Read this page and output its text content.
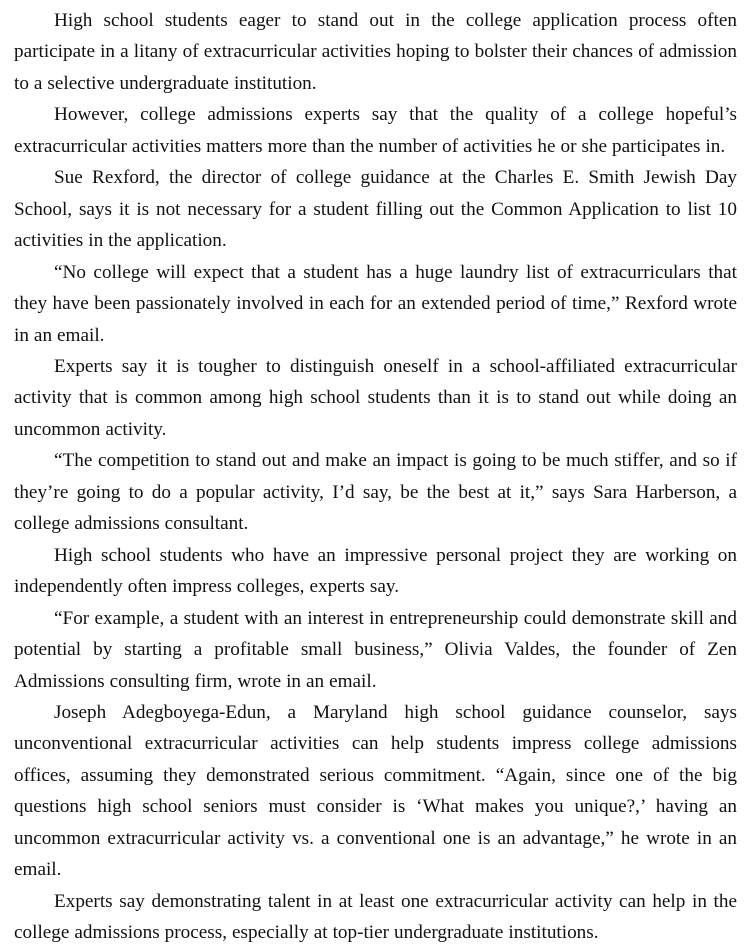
High school students eager to stand out in the college application process often participate in a litany of extracurricular activities hoping to bolster their chances of admission to a selective undergraduate institution.

However, college admissions experts say that the quality of a college hopeful’s extracurricular activities matters more than the number of activities he or she participates in.

Sue Rexford, the director of college guidance at the Charles E. Smith Jewish Day School, says it is not necessary for a student filling out the Common Application to list 10 activities in the application.

“No college will expect that a student has a huge laundry list of extracurriculars that they have been passionately involved in each for an extended period of time,” Rexford wrote in an email.

Experts say it is tougher to distinguish oneself in a school-affiliated extracurricular activity that is common among high school students than it is to stand out while doing an uncommon activity.

“The competition to stand out and make an impact is going to be much stiffer, and so if they’re going to do a popular activity, I’d say, be the best at it,” says Sara Harberson, a college admissions consultant.

High school students who have an impressive personal project they are working on independently often impress colleges, experts say.

“For example, a student with an interest in entrepreneurship could demonstrate skill and potential by starting a profitable small business,” Olivia Valdes, the founder of Zen Admissions consulting firm, wrote in an email.

Joseph Adegboyega-Edun, a Maryland high school guidance counselor, says unconventional extracurricular activities can help students impress college admissions offices, assuming they demonstrated serious commitment. “Again, since one of the big questions high school seniors must consider is ‘What makes you unique?,’ having an uncommon extracurricular activity vs. a conventional one is an advantage,” he wrote in an email.

Experts say demonstrating talent in at least one extracurricular activity can help in the college admissions process, especially at top-tier undergraduate institutions.
